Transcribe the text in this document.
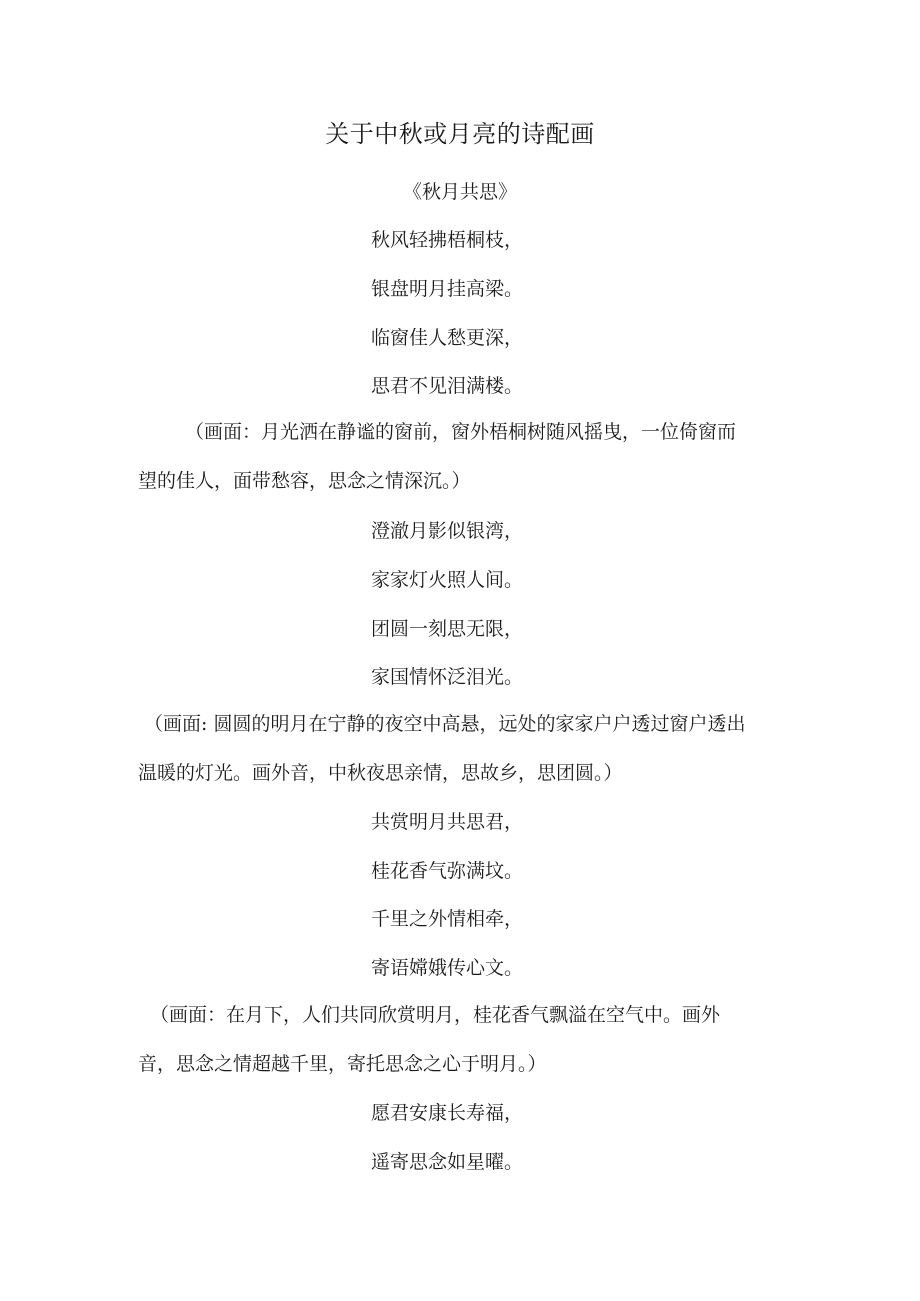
关于中秋或月亮的诗配画
《秋月共思》
秋风轻拂梧桐枝，
银盘明月挂高梁。
临窗佳人愁更深，
思君不见泪满楼。
（画面：月光洒在静谧的窗前，窗外梧桐树随风摇曳，一位倚窗而
望的佳人，面带愁容，思念之情深沉。）
澄澈月影似银湾，
家家灯火照人间。
团圆一刻思无限，
家国情怀泛泪光。
（画面: 圆圆的明月在宁静的夜空中高悬，远处的家家户户透过窗户透出
温暖的灯光。画外音，中秋夜思亲情，思故乡，思团圆。）
共赏明月共思君，
桂花香气弥满坟。
千里之外情相牵，
寄语嫦娥传心文。
（画面：在月下，人们共同欣赏明月，桂花香气飘溢在空气中。画外
音，思念之情超越千里，寄托思念之心于明月。）
愿君安康长寿福，
遥寄思念如星曜。
